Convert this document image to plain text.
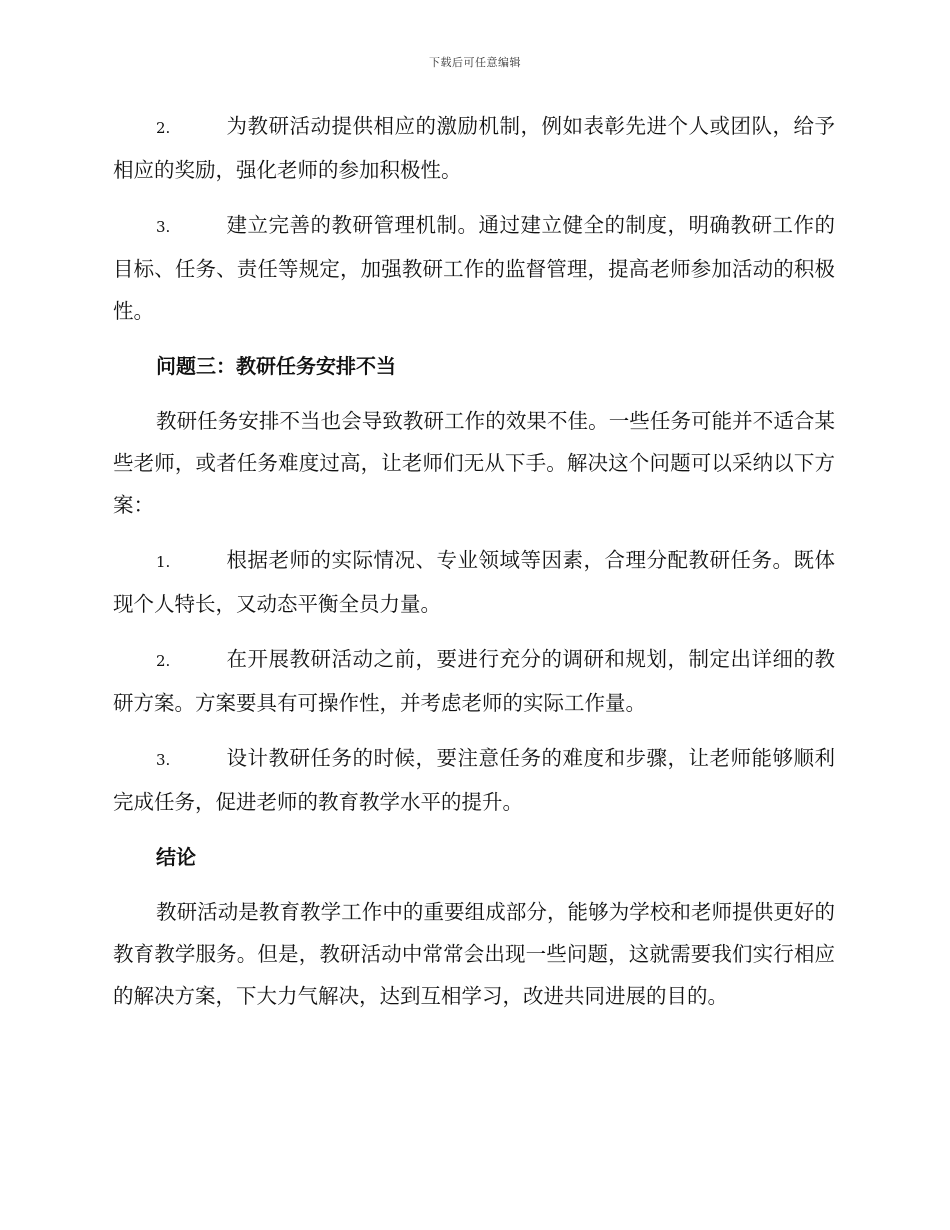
下载后可任意编辑

2.	为教研活动提供相应的激励机制，例如表彰先进个人或团队，给予相应的奖励，强化老师的参加积极性。

3.	建立完善的教研管理机制。通过建立健全的制度，明确教研工作的目标、任务、责任等规定，加强教研工作的监督管理，提高老师参加活动的积极性。

问题三：教研任务安排不当

教研任务安排不当也会导致教研工作的效果不佳。一些任务可能并不适合某些老师，或者任务难度过高，让老师们无从下手。解决这个问题可以采纳以下方案：

1.	根据老师的实际情况、专业领域等因素，合理分配教研任务。既体现个人特长，又动态平衡全员力量。

2.	在开展教研活动之前，要进行充分的调研和规划，制定出详细的教研方案。方案要具有可操作性，并考虑老师的实际工作量。

3.	设计教研任务的时候，要注意任务的难度和步骤，让老师能够顺利完成任务，促进老师的教育教学水平的提升。

结论

教研活动是教育教学工作中的重要组成部分，能够为学校和老师提供更好的教育教学服务。但是，教研活动中常常会出现一些问题，这就需要我们实行相应的解决方案，下大力气解决，达到互相学习，改进共同进展的目的。
